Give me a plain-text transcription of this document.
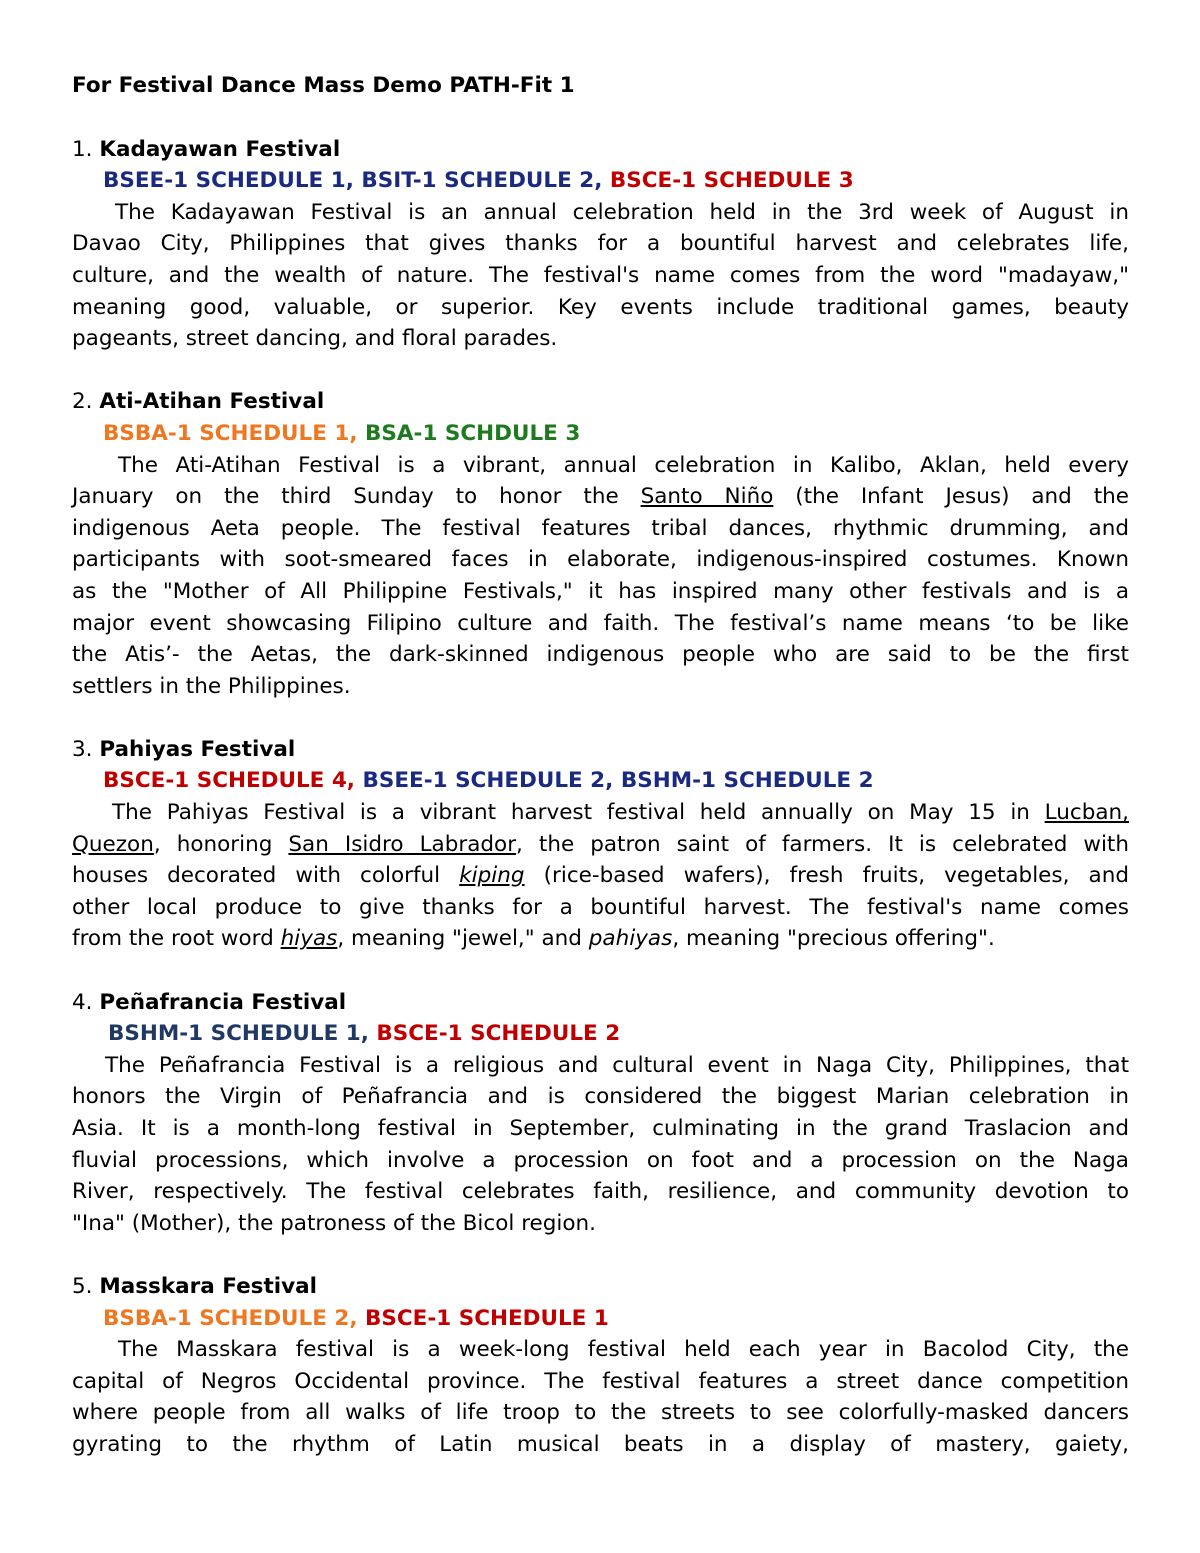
For Festival Dance Mass Demo PATH-Fit 1

1. Kadayawan Festival

BSEE-1 SCHEDULE 1, BSIT-1 SCHEDULE 2, BSCE-1 SCHEDULE 3

The Kadayawan Festival is an annual celebration held in the 3rd week of August in
Davao City, Philippines that gives thanks for a bountiful harvest and celebrates life,
culture, and the wealth of nature. The festival's name comes from the word "madayaw,"
meaning good, valuable, or superior. Key events include traditional games, beauty
pageants, street dancing, and floral parades.

2. Ati-Atihan Festival

BSBA-1 SCHEDULE 1, BSA-1 SCHDULE 3

The Ati-Atihan Festival is a vibrant, annual celebration in Kalibo, Aklan, held every
January on the third Sunday to honor the Santo Niño (the Infant Jesus) and the
indigenous Aeta people. The festival features tribal dances, rhythmic drumming, and
participants with soot-smeared faces in elaborate, indigenous-inspired costumes. Known
as the "Mother of All Philippine Festivals," it has inspired many other festivals and is a
major event showcasing Filipino culture and faith. The festival’s name means ‘to be like
the Atis’- the Aetas, the dark-skinned indigenous people who are said to be the first
settlers in the Philippines.

3. Pahiyas Festival

BSCE-1 SCHEDULE 4, BSEE-1 SCHEDULE 2, BSHM-1 SCHEDULE 2

The Pahiyas Festival is a vibrant harvest festival held annually on May 15 in Lucban,
Quezon, honoring San Isidro Labrador, the patron saint of farmers. It is celebrated with
houses decorated with colorful kiping (rice-based wafers), fresh fruits, vegetables, and
other local produce to give thanks for a bountiful harvest. The festival's name comes
from the root word hiyas, meaning "jewel," and pahiyas, meaning "precious offering".

4. Peñafrancia Festival

BSHM-1 SCHEDULE 1, BSCE-1 SCHEDULE 2

The Peñafrancia Festival is a religious and cultural event in Naga City, Philippines, that
honors the Virgin of Peñafrancia and is considered the biggest Marian celebration in
Asia. It is a month-long festival in September, culminating in the grand Traslacion and
fluvial processions, which involve a procession on foot and a procession on the Naga
River, respectively. The festival celebrates faith, resilience, and community devotion to
"Ina" (Mother), the patroness of the Bicol region.

5. Masskara Festival

BSBA-1 SCHEDULE 2, BSCE-1 SCHEDULE 1

The Masskara festival is a week-long festival held each year in Bacolod City, the
capital of Negros Occidental province. The festival features a street dance competition
where people from all walks of life troop to the streets to see colorfully-masked dancers
gyrating to the rhythm of Latin musical beats in a display of mastery, gaiety,
